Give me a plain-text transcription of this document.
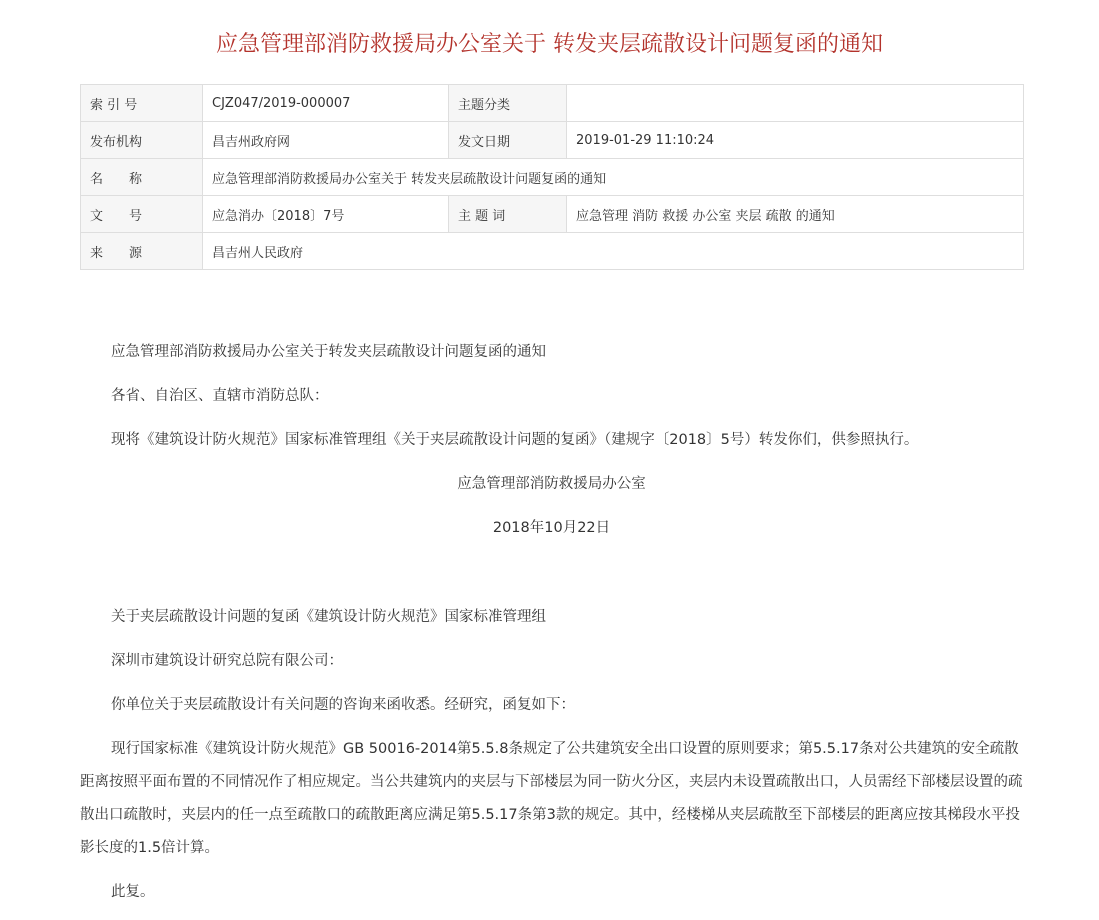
应急管理部消防救援局办公室关于 转发夹层疏散设计问题复函的通知
索 引 号	CJZ047/2019-000007	主题分类	
发布机构	昌吉州政府网	发文日期	2019-01-29 11:10:24
名　　称	应急管理部消防救援局办公室关于 转发夹层疏散设计问题复函的通知		
文　　号	应急消办〔2018〕7号	主 题 词	应急管理 消防 救援 办公室 夹层 疏散 的通知
来　　源	昌吉州人民政府		

应急管理部消防救援局办公室关于转发夹层疏散设计问题复函的通知

各省、自治区、直辖市消防总队：

现将《建筑设计防火规范》国家标准管理组《关于夹层疏散设计问题的复函》（建规字〔2018〕5号）转发你们，供参照执行。

应急管理部消防救援局办公室

2018年10月22日

关于夹层疏散设计问题的复函《建筑设计防火规范》国家标准管理组

深圳市建筑设计研究总院有限公司：

你单位关于夹层疏散设计有关问题的咨询来函收悉。经研究，函复如下：

现行国家标准《建筑设计防火规范》GB 50016-2014第5.5.8条规定了公共建筑安全出口设置的原则要求；第5.5.17条对公共建筑的安全疏散距离按照平面布置的不同情况作了相应规定。当公共建筑内的夹层与下部楼层为同一防火分区，夹层内未设置疏散出口，人员需经下部楼层设置的疏散出口疏散时，夹层内的任一点至疏散口的疏散距离应满足第5.5.17条第3款的规定。其中，经楼梯从夹层疏散至下部楼层的距离应按其梯段水平投影长度的1.5倍计算。

此复。
